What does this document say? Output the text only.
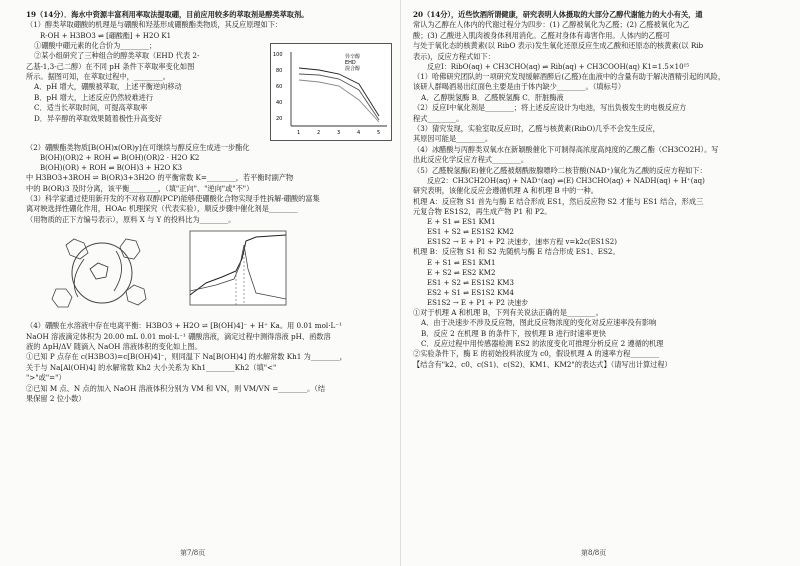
19（14分）．海水中资源丰富利用率取法提取硼，目前应用较多的萃取剂是醇类萃取剂。
（1）醇类萃取硼酸的机理是与硼酸和羟基形成硼酸酯类物质，其反应原理如下：
R-OH + H3BO3 ⇌ [硼酸酯] + H2O K1
①硼酸中硼元素的化合价为________；
②某小组研究了三种组合的醇类萃取（EHD 代表 2-
乙基-1,3-己二醇）在不同 pH 条件下萃取率变化如图
所示。据图可知，在萃取过程中，________。
A．pH 增大，硼酸被萃取，上述平衡逆向移动
B．pH 增大，上述反应仍然较难进行
C．适当长萃取时间，可提高萃取率
D．异辛醇的萃取效果随着极性升高变好
100
80
60
40
20
1	2	3	4	5
异辛醇
EHD
混合醇
（2）硼酸酯类物质[B(OH)x(OR)y]在可继续与醇反应生成进一步酯化
B(OH)(OR)2 + ROH ⇌ B(OH)(OR)2 · H2O K2
B(OH)(OR) + ROH ⇌ B(OH)3 + H2O K3
中 H3BO3+3ROH ⇌ B(OR)3+3H2O 的平衡常数 K=________，若平衡时副产物
中的 B(OR)3 及时分离，该平衡________，（填"正向"、"逆向"或"不"）
（3）科学家通过使用新开发的不对称双醇(PCP)能够使硼酸化合物实现手性拆解-硼酸的富集
离对映选择性硼化作用，HOAc 机理探究（代表实验），顺反步骤中催化剂是________
（用物质的正下方编号表示），原料 X 与 Y 的投料比为________。
（4）硼酸在水溶液中存在电离平衡：H3BO3 + H2O ⇌ [B(OH)4]⁻ + H⁺ Ka。用 0.01 mol·L⁻¹
NaOH 溶液滴定体积为 20.00 mL 0.01 mol·L⁻¹ 硼酸溶液，滴定过程中测得溶液 pH、函数溶
液的 ΔpH/ΔV 随滴入 NaOH 溶液体积的变化如上图。
①已知 P 点存在 c(H3BO3)=c[B(OH)4]⁻，则同温下 Na[B(OH)4] 的水解常数 Kh1 为________，
关于与 Na[Al(OH)4] 的水解常数 Kh2 大小关系为 Kh1________Kh2（填"<"
">"或"="）
②已知 M 点、N 点的加入 NaOH 溶液体积分别为 VM 和 VN，则 VM/VN =________。（结
果保留 2 位小数）
第7/8页
20（14分），近些饮酒所谓健康，研究表明人体摄取的大部分乙醇代谢能力的大小有关，通
常认为乙醇在人体内的代谢过程分为四步：(1) 乙醇被氧化为乙醛；(2) 乙醛被氧化为乙
酸；(3) 乙酸进入肌肉被身体利用消化。乙醛对身体有毒害作用。人体内的乙醛可
与处于氧化态的核黄素(以 RibO 表示)发生氧化还原反应生成乙酸和还原态的核黄素(以 Rib
表示)，反应方程式如下：
反应Ⅰ：RibO(aq) + CH3CHO(aq) ⇌ Rib(aq) + CH3COOH(aq) K1=1.5×10¹⁵
（1）哈佛研究团队的一项研究发现缓解酒醉后(乙醛)在血液中的含量有助于解决酒精引起的风险，
该研人群喝酒易出红面色主要是由于体内缺少________。（填标号）
A．乙醇脱氢酶 B．乙醛脱氢酶 C．肝脏酶液
（2）反应Ⅰ中氧化剂是________；将上述反应设计为电池，写出负极发生的电极反应方
程式________。
（3）猜究发现，实验室取反应Ⅰ时，乙醛与核黄素(RibO)几乎不会发生反应，
其原因可能是________。
（4）冰醋酸与丙醇类双氧水在新颖酸催化下可制得高浓度高纯度的乙酸乙酯（CH3CO2H）。写
出此反应化学反应方程式________。
（5）乙醛脱氢酶(E)催化乙醛被烟酰胺腺嘌呤二核苷酸(NAD⁺)氧化为乙酸的反应方程如下：
反应2：CH3CH2OH(aq) + NAD⁺(aq) ⇌(E) CH3CHO(aq) + NADH(aq) + H⁺(aq)
研究表明，该催化反应会遵循机理 A 和机理 B 中的一种。
机理 A：反应物 S1 首先与酶 E 结合形成 ES1，然后反应物 S2 才能与 ES1 结合，形成三
元复合物 ES1S2，再生成产物 P1 和 P2。
E + S1 ⇌ ES1 KM1
ES1 + S2 ⇌ ES1S2 KM2
ES1S2 → E + P1 + P2 决速步，速率方程 v=k2c(ES1S2)
机理 B：反应物 S1 和 S2 先随机与酶 E 结合形成 ES1、ES2。
E + S1 ⇌ ES1 KM1
E + S2 ⇌ ES2 KM2
ES1 + S2 ⇌ ES1S2 KM3
ES2 + S1 ⇌ ES1S2 KM4
ES1S2 → E + P1 + P2 决速步
①对于机理 A 和机理 B，下列有关说法正确的是________。
A．由于决速步不涉及反应物，图此反应物浓度的变化对反应速率没有影响
B．反应 2 在机理 B 的条件下，按机理 B 进行时速率更快
C．反应过程中用传感器检测 ES2 的浓度变化可推理分析反应 2 遵循的机理
②实验条件下，酶 E 的初始投料浓度为 c0，假设机理 A 的速率方程________
【结含有"k2、c0、c(S1)、c(S2)、KM1、KM2"的表达式】（请写出计算过程）
第8/8页
